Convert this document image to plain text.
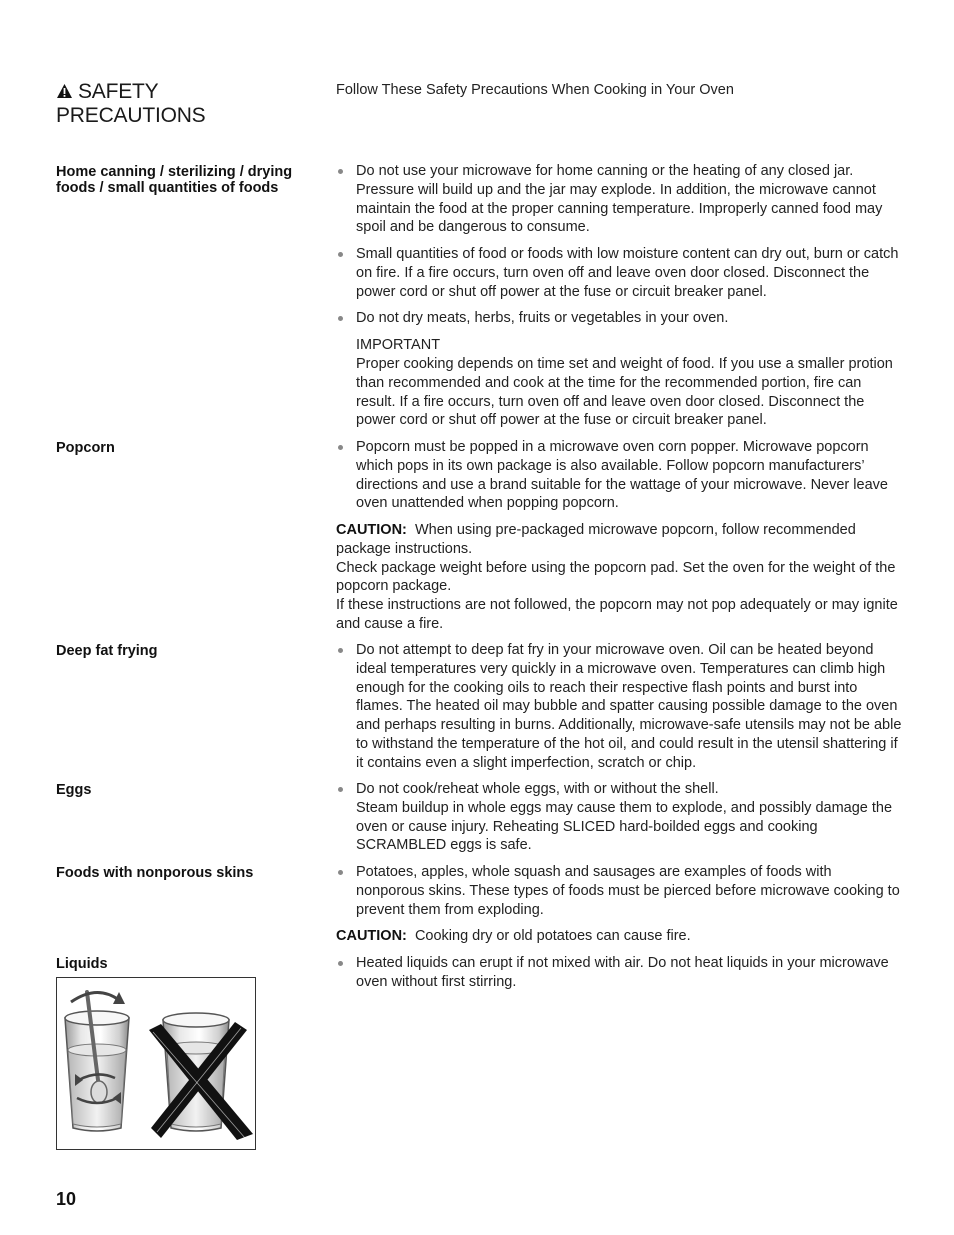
SAFETY
PRECAUTIONS
Follow These Safety Precautions When Cooking in Your Oven
Home canning / sterilizing / drying foods / small quantities of foods
Do not use your microwave for home canning or the heating of any closed jar. Pressure will build up and the jar may explode. In addition, the microwave cannot maintain the food at the proper canning temperature. Improperly canned food may spoil and be dangerous to consume.
Small quantities of food or foods with low moisture content can dry out, burn or catch on fire. If a fire occurs, turn oven off and leave oven door closed. Disconnect the power cord or shut off power at the fuse or circuit breaker panel.
Do not dry meats, herbs, fruits or vegetables in your oven.
IMPORTANT
Proper cooking depends on time set and weight of food. If you use a smaller protion than recommended and cook at the time for the recommended portion, fire can result. If a fire occurs, turn oven off and leave oven door closed. Disconnect the power cord or shut off power at the fuse or circuit breaker panel.
Popcorn	Popcorn must be popped in a microwave oven corn popper. Microwave popcorn which pops in its own package is also available. Follow popcorn manufacturers’ directions and use a brand suitable for the wattage of your microwave. Never leave oven unattended when popping popcorn.
CAUTION: When using pre-packaged microwave popcorn, follow recommended package instructions.
Check package weight before using the popcorn pad. Set the oven for the weight of the popcorn package.
If these instructions are not followed, the popcorn may not pop adequately or may ignite and cause a fire.
Deep fat frying	Do not attempt to deep fat fry in your microwave oven. Oil can be heated beyond ideal temperatures very quickly in a microwave oven. Temperatures can climb high enough for the cooking oils to reach their respective flash points and burst into flames. The heated oil may bubble and spatter causing possible damage to the oven and perhaps resulting in burns. Additionally, microwave-safe utensils may not be able to withstand the temperature of the hot oil, and could result in the utensil shattering if it contains even a slight imperfection, scratch or chip.
Eggs	Do not cook/reheat whole eggs, with or without the shell.
Steam buildup in whole eggs may cause them to explode, and possibly damage the oven or cause injury. Reheating SLICED hard-boilded eggs and cooking SCRAMBLED eggs is safe.
Foods with nonporous skins	Potatoes, apples, whole squash and sausages are examples of foods with nonporous skins. These types of foods must be pierced before microwave cooking to prevent them from exploding.
CAUTION: Cooking dry or old potatoes can cause fire.
Liquids	Heated liquids can erupt if not mixed with air. Do not heat liquids in your microwave oven without first stirring.
10
